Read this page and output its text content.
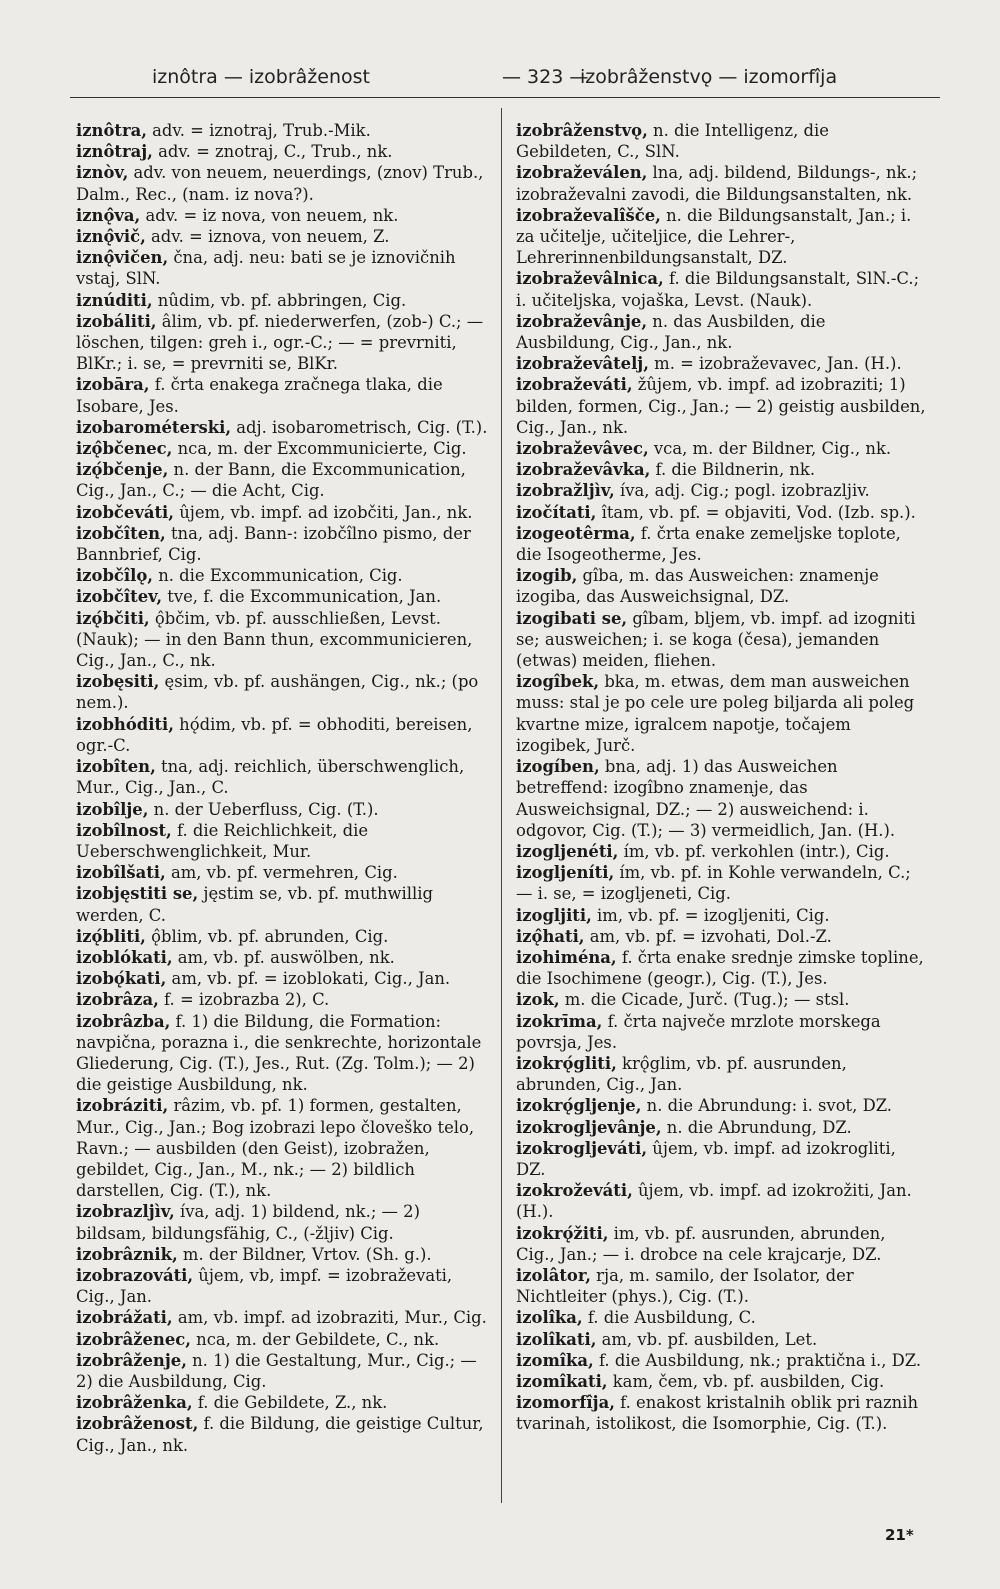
iznôtra — izobrâženost	— 323 —
izobrâženstvǫ — izomorfîja

iznôtra, adv. = iznotraj, Trub.-Mik.

iznôtraj, adv. = znotraj, C., Trub., nk.

iznòv, adv. von neuem, neuerdings, (znov) Trub., Dalm., Rec., (nam. iz nova?).

iznǫ̂va, adv. = iz nova, von neuem, nk.

iznǫ̂vič, adv. = iznova, von neuem, Z.

iznǫ̂vičen, čna, adj. neu: bati se je iznovičnih vstaj, SlN.

iznúditi, nûdim, vb. pf. abbringen, Cig.

izobáliti, âlim, vb. pf. niederwerfen, (zob-) C.; — löschen, tilgen: greh i., ogr.-C.; — = prevrniti, BlKr.; i. se, = prevrniti se, BlKr.

izobāra, f. črta enakega zračnega tlaka, die Isobare, Jes.

izobarométerski, adj. isobarometrisch, Cig. (T.).

izǫ̂bčenec, nca, m. der Excommunicierte, Cig.

izǫ́bčenje, n. der Bann, die Excommunication, Cig., Jan., C.; — die Acht, Cig.

izobčeváti, ûjem, vb. impf. ad izobčiti, Jan., nk.

izobčîten, tna, adj. Bann-: izobčîlno pismo, der Bannbrief, Cig.

izobčîlǫ, n. die Excommunication, Cig.

izobčîtev, tve, f. die Excommunication, Jan.

izǫ́bčiti, ǫ̂bčim, vb. pf. ausschließen, Levst. (Nauk); — in den Bann thun, excommunicieren, Cig., Jan., C., nk.

izobęsiti, ęsim, vb. pf. aushängen, Cig., nk.; (po nem.).

izobhóditi, hǫ́dim, vb. pf. = obhoditi, bereisen, ogr.-C.

izobîten, tna, adj. reichlich, überschwenglich, Mur., Cig., Jan., C.

izobîlje, n. der Ueberfluss, Cig. (T.).

izobîlnost, f. die Reichlichkeit, die Ueberschwenglichkeit, Mur.

izobîlšati, am, vb. pf. vermehren, Cig.

izobjęstiti se, jęstim se, vb. pf. muthwillig werden, C.

izǫ́bliti, ǫ̂blim, vb. pf. abrunden, Cig.

izoblókati, am, vb. pf. auswölben, nk.

izobǫ́kati, am, vb. pf. = izoblokati, Cig., Jan.

izobrâza, f. = izobrazba 2), C.

izobrâzba, f. 1) die Bildung, die Formation: navpična, poraznа i., die senkrechte, horizontale Gliederung, Cig. (T.), Jes., Rut. (Zg. Tolm.); — 2) die geistige Ausbildung, nk.

izobráziti, râzim, vb. pf. 1) formen, gestalten, Mur., Cig., Jan.; Bog izobrazi lepo človeško telo, Ravn.; — ausbilden (den Geist), izobražen, gebildet, Cig., Jan., M., nk.; — 2) bildlich darstellen, Cig. (T.), nk.

izobrazljìv, íva, adj. 1) bildend, nk.; — 2) bildsam, bildungsfähig, C., (-žljiv) Cig.

izobrâznik, m. der Bildner, Vrtov. (Sh. g.).

izobrazováti, ûjem, vb, impf. = izobraževati, Cig., Jan.

izobrážati, am, vb. impf. ad izobraziti, Mur., Cig.

izobrâženec, nca, m. der Gebildete, C., nk.

izobrâženje, n. 1) die Gestaltung, Mur., Cig.; — 2) die Ausbildung, Cig.

izobrâženka, f. die Gebildete, Z., nk.

izobrâženost, f. die Bildung, die geistige Cultur, Cig., Jan., nk.

izobrâženstvǫ, n. die Intelligenz, die Gebildeten, C., SlN.

izobraževálen, lna, adj. bildend, Bildungs-, nk.; izobraževalni zavodi, die Bildungsanstalten, nk.

izobraževalîšče, n. die Bildungsanstalt, Jan.; i. za učitelje, učiteljice, die Lehrer-, Lehrerinnenbildungsanstalt, DZ.

izobraževâlnica, f. die Bildungsanstalt, SlN.-C.; i. učiteljska, vojaška, Levst. (Nauk).

izobraževânje, n. das Ausbilden, die Ausbildung, Cig., Jan., nk.

izobraževâtelj, m. = izobraževavec, Jan. (H.).

izobraževáti, žûjem, vb. impf. ad izobraziti; 1) bilden, formen, Cig., Jan.; — 2) geistig ausbilden, Cig., Jan., nk.

izobraževâvec, vca, m. der Bildner, Cig., nk.

izobraževâvka, f. die Bildnerin, nk.

izobražljìv, íva, adj. Cig.; pogl. izobrazljiv.

izočítati, îtam, vb. pf. = objaviti, Vod. (Izb. sp.).

izogeotêrma, f. črta enake zemeljske toplote, die Isogeotherme, Jes.

izogib, gîba, m. das Ausweichen: znamenje izogiba, das Ausweichsignal, DZ.

izogibati se, gîbam, bljem, vb. impf. ad izogniti se; ausweichen; i. se koga (česa), jemanden (etwas) meiden, fliehen.

izogîbek, bka, m. etwas, dem man ausweichen muss: stal je po cele ure poleg biljarda ali poleg kvartne mize, igralcem napotje, točajem izogibek, Jurč.

izogíben, bna, adj. 1) das Ausweichen betreffend: izogîbno znamenje, das Ausweichsignal, DZ.; — 2) ausweichend: i. odgovor, Cig. (T.); — 3) vermeidlich, Jan. (H.).

izogljenéti, ím, vb. pf. verkohlen (intr.), Cig.

izogljeníti, ím, vb. pf. in Kohle verwandeln, C.; — i. se, = izogljeneti, Cig.

izoglјiti, im, vb. pf. = izogljeniti, Cig.

izǫ̂hati, am, vb. pf. = izvohati, Dol.-Z.

izohiména, f. črta enake srednje zimske topline, die Isochimene (geogr.), Cig. (T.), Jes.

izok, m. die Cicade, Jurč. (Tug.); — stsl.

izokrīma, f. črta največe mrzlote morskega povrsja, Jes.

izokrǫ́gliti, krǫ̂glim, vb. pf. ausrunden, abrunden, Cig., Jan.

izokrǫ́gljenje, n. die Abrundung: i. svot, DZ.

izokrogljevânje, n. die Abrundung, DZ.

izokrogljeváti, ûjem, vb. impf. ad izokrogliti, DZ.

izokroževáti, ûjem, vb. impf. ad izokrožiti, Jan. (H.).

izokrǫ́žiti, im, vb. pf. ausrunden, abrunden, Cig., Jan.; — i. drobce na cele krajcarje, DZ.

izolâtor, rja, m. samilo, der Isolator, der Nichtleiter (phys.), Cig. (T.).

izolîka, f. die Ausbildung, C.

izolîkati, am, vb. pf. ausbilden, Let.

izomîka, f. die Ausbildung, nk.; praktična i., DZ.

izomîkati, kam, čem, vb. pf. ausbilden, Cig.

izomorfîja, f. enakost kristalnih oblik pri raznih tvarinah, istolikost, die Isomorphie, Cig. (T.).

21*
